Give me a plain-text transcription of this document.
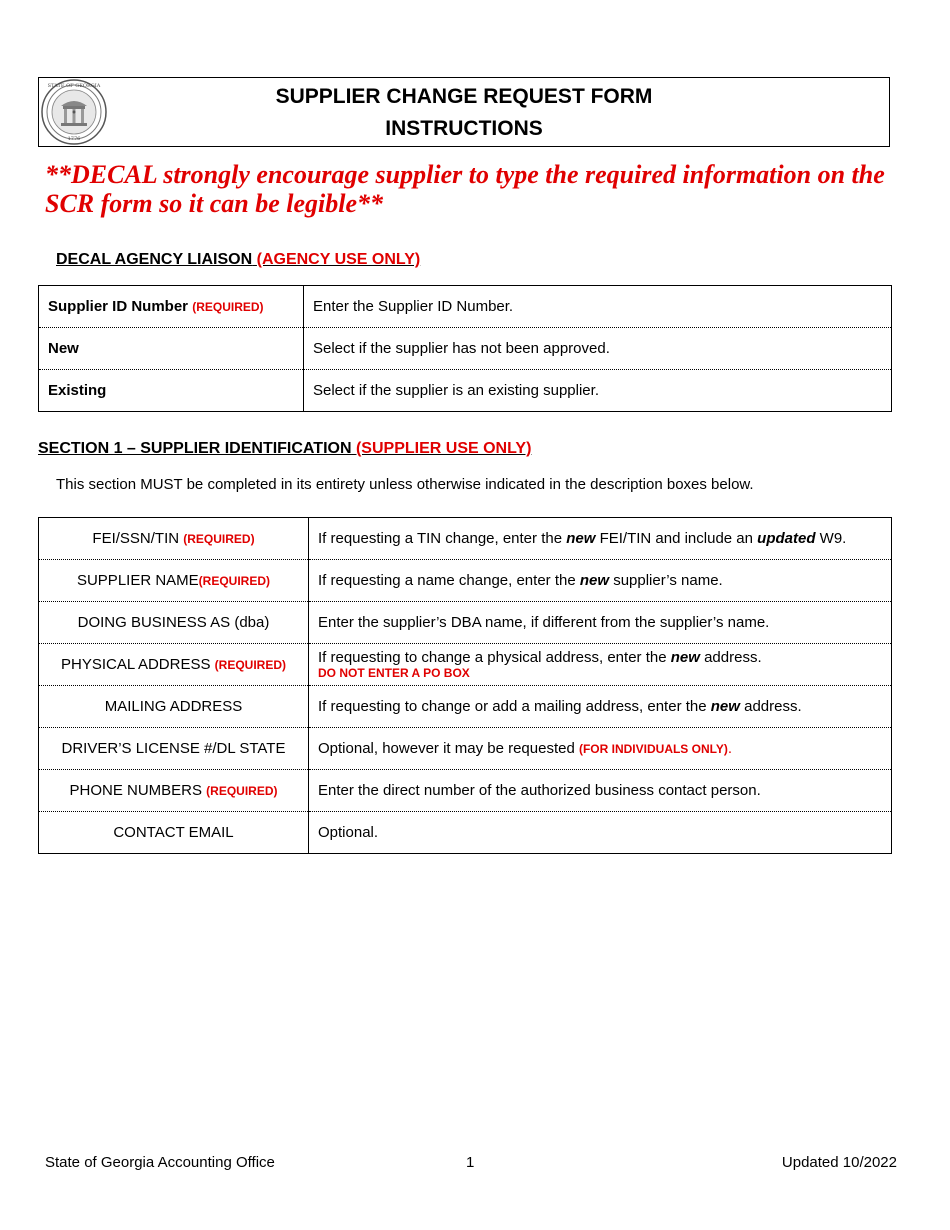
1776
STATE OF GEORGIA	SUPPLIER CHANGE REQUEST FORM
INSTRUCTIONS
**DECAL strongly encourage supplier to type the required information on the SCR form so it can be legible**
DECAL AGENCY LIAISON (AGENCY USE ONLY)
Supplier ID Number (REQUIRED)	Enter the Supplier ID Number.
New	Select if the supplier has not been approved.
Existing	Select if the supplier is an existing supplier.
SECTION 1 – SUPPLIER IDENTIFICATION (SUPPLIER USE ONLY)
This section MUST be completed in its entirety unless otherwise indicated in the description boxes below.
FEI/SSN/TIN (REQUIRED)	If requesting a TIN change, enter the new FEI/TIN and include an updated W9.
SUPPLIER NAME(REQUIRED)	If requesting a name change, enter the new supplier’s name.
DOING BUSINESS AS (dba)	Enter the supplier’s DBA name, if different from the supplier’s name.
PHYSICAL ADDRESS (REQUIRED)	If requesting to change a physical address, enter the new address.
DO NOT ENTER A PO BOX

MAILING ADDRESS	If requesting to change or add a mailing address, enter the new address.
DRIVER’S LICENSE #/DL STATE	Optional, however it may be requested (FOR INDIVIDUALS ONLY).
PHONE NUMBERS (REQUIRED)	Enter the direct number of the authorized business contact person.
CONTACT EMAIL	Optional.
State of Georgia Accounting Office	1	Updated 10/2022
